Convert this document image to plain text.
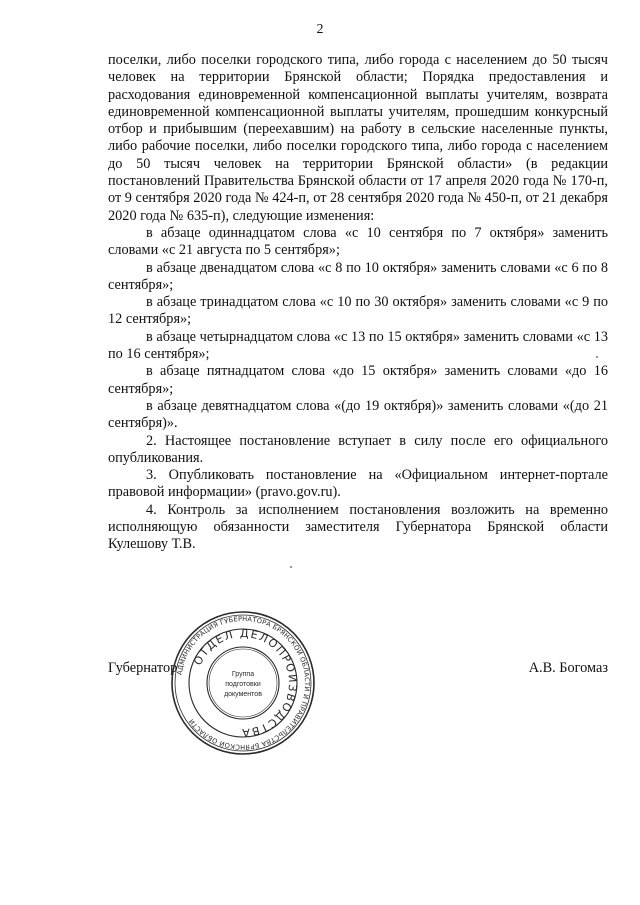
2

поселки, либо поселки городского типа, либо города с населением до 50 тысяч человек на территории Брянской области; Порядка предоставления и расходования единовременной компенсационной выплаты учителям, возврата единовременной компенсационной выплаты учителям, прошедшим конкурсный отбор и прибывшим (переехавшим) на работу в сельские населенные пункты, либо рабочие поселки, либо поселки городского типа, либо города с населением до 50 тысяч человек на территории Брянской области» (в редакции постановлений Правительства Брянской области от 17 апреля 2020 года № 170-п, от 9 сентября 2020 года № 424-п, от 28 сентября 2020 года № 450-п, от 21 декабря 2020 года № 635-п), следующие изменения:

в абзаце одиннадцатом слова «с 10 сентября по 7 октября» заменить словами «с 21 августа по 5 сентября»;

в абзаце двенадцатом слова «с 8 по 10 октября» заменить словами «с 6 по 8 сентября»;

в абзаце тринадцатом слова «с 10 по 30 октября» заменить словами «с 9 по 12 сентября»;

в абзаце четырнадцатом слова «с 13 по 15 октября» заменить словами «с 13 по 16 сентября»;

в абзаце пятнадцатом слова «до 15 октября» заменить словами «до 16 сентября»;

в абзаце девятнадцатом слова «(до 19 октября)» заменить словами «(до 21 сентября)».

2. Настоящее постановление вступает в силу после его официального опубликования.

3. Опубликовать постановление на «Официальном интернет-портале правовой информации» (pravo.gov.ru).

4. Контроль за исполнением постановления возложить на временно исполняющую обязанности заместителя Губернатора Брянской области Кулешову Т.В.

Губернатор	А.В. Богомаз
АДМИНИСТРАЦИЯ ГУБЕРНАТОРА БРЯНСКОЙ ОБЛАСТИ И ПРАВИТЕЛЬСТВА БРЯНСКОЙ ОБЛАСТИ
ОТДЕЛ ДЕЛОПРОИЗВОДСТВА
Группа
подготовки
документов
